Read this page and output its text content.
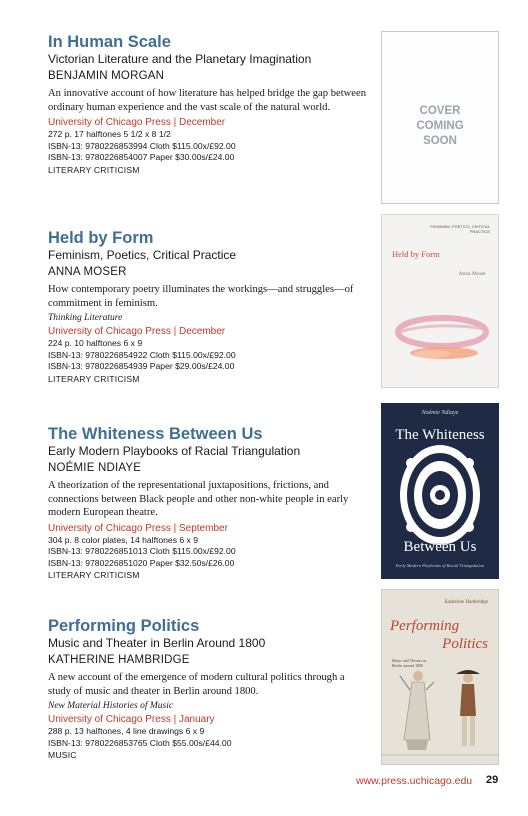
In Human Scale

Victorian Literature and the Planetary Imagination

BENJAMIN MORGAN

An innovative account of how literature has helped bridge the gap between ordinary human experience and the vast scale of the natural world.

University of Chicago Press | December

272 p. 17 halftones 5 1/2 x 8 1/2

ISBN-13: 9780226853994 Cloth $115.00x/£92.00

ISBN-13: 9780226854007 Paper $30.00s/£24.00

LITERARY CRITICISM

COVER COMING SOON

Held by Form

Feminism, Poetics, Critical Practice

ANNA MOSER

How contemporary poetry illuminates the workings—and struggles—of commitment in feminism.

Thinking Literature

University of Chicago Press | December

224 p. 10 halftones 6 x 9

ISBN-13: 9780226854922 Cloth $115.00x/£92.00

ISBN-13: 9780226854939 Paper $29.00s/£24.00

LITERARY CRITICISM

FEMINISM, POETICS, CRITICAL PRACTICE
Held by Form
Anna Moser

The Whiteness Between Us

Early Modern Playbooks of Racial Triangulation

NOÉMIE NDIAYE

A theorization of the representational juxtapositions, frictions, and connections between Black people and other non-white people in early modern European theatre.

University of Chicago Press | September

304 p. 8 color plates, 14 halftones 6 x 9

ISBN-13: 9780226851013 Cloth $115.00x/£92.00

ISBN-13: 9780226851020 Paper $32.50s/£26.00

LITERARY CRITICISM

Noémie Ndiaye
The Whiteness
Between Us
Early Modern Playbooks of Racial Triangulation

Performing Politics

Music and Theater in Berlin Around 1800

KATHERINE HAMBRIDGE

A new account of the emergence of modern cultural politics through a study of music and theater in Berlin around 1800.

New Material Histories of Music

University of Chicago Press | January

288 p. 13 halftones, 4 line drawings 6 x 9

ISBN-13: 9780226853765 Cloth $55.00s/£44.00

MUSIC

Katherine Hambridge
Performing
Politics
Music and Theater in Berlin around 1800
www.press.uchicago.edu 29
